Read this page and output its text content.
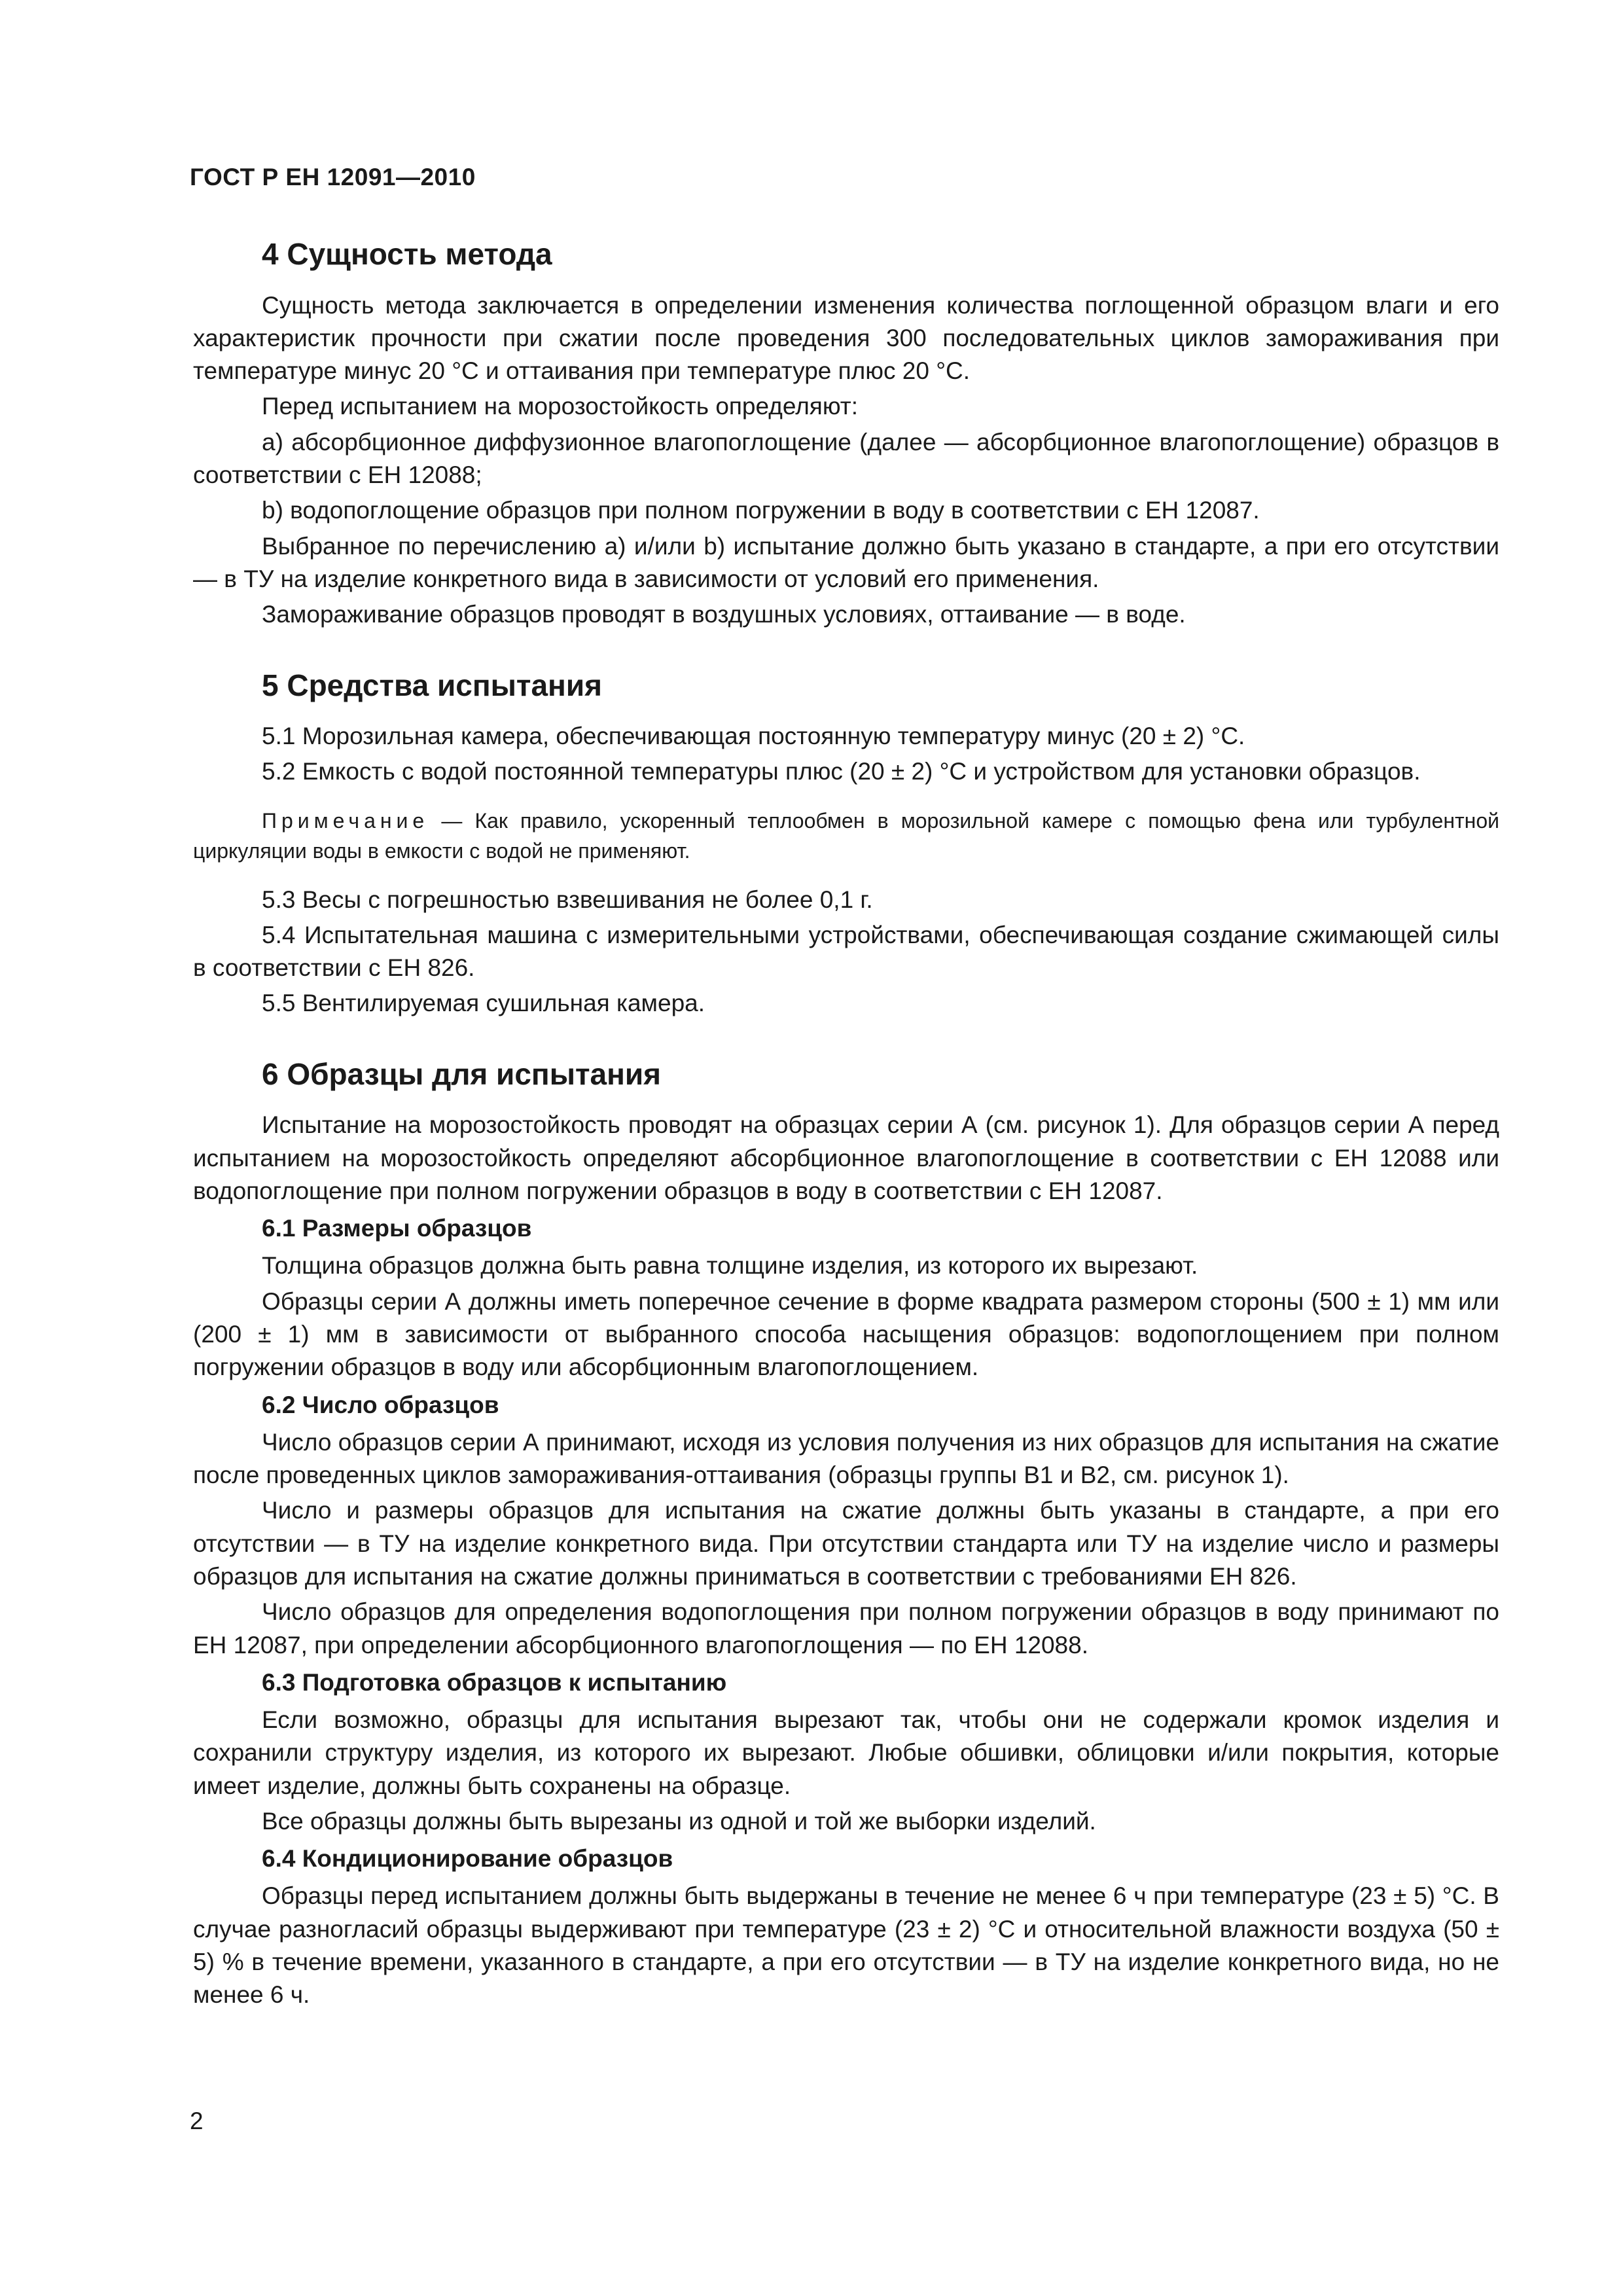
ГОСТ Р ЕН 12091—2010
4 Сущность метода

Сущность метода заключается в определении изменения количества поглощенной образцом влаги и его характеристик прочности при сжатии после проведения 300 последовательных циклов замораживания при температуре минус 20 °С и оттаивания при температуре плюс 20 °С.

Перед испытанием на морозостойкость определяют:

а) абсорбционное диффузионное влагопоглощение (далее — абсорбционное влагопоглощение) образцов в соответствии с ЕН 12088;

b) водопоглощение образцов при полном погружении в воду в соответствии с ЕН 12087.

Выбранное по перечислению а) и/или b) испытание должно быть указано в стандарте, а при его отсутствии — в ТУ на изделие конкретного вида в зависимости от условий его применения.

Замораживание образцов проводят в воздушных условиях, оттаивание — в воде.

5 Средства испытания

5.1 Морозильная камера, обеспечивающая постоянную температуру минус (20 ± 2) °С.

5.2 Емкость с водой постоянной температуры плюс (20 ± 2) °С и устройством для установки образцов.

Примечание — Как правило, ускоренный теплообмен в морозильной камере с помощью фена или турбулентной циркуляции воды в емкости с водой не применяют.

5.3 Весы с погрешностью взвешивания не более 0,1 г.

5.4 Испытательная машина с измерительными устройствами, обеспечивающая создание сжимающей силы в соответствии с ЕН 826.

5.5 Вентилируемая сушильная камера.

6 Образцы для испытания

Испытание на морозостойкость проводят на образцах серии А (см. рисунок 1). Для образцов серии А перед испытанием на морозостойкость определяют абсорбционное влагопоглощение в соответствии с ЕН 12088 или водопоглощение при полном погружении образцов в воду в соответствии с ЕН 12087.

6.1 Размеры образцов

Толщина образцов должна быть равна толщине изделия, из которого их вырезают.

Образцы серии А должны иметь поперечное сечение в форме квадрата размером стороны (500 ± 1) мм или (200 ± 1) мм в зависимости от выбранного способа насыщения образцов: водопоглощением при полном погружении образцов в воду или абсорбционным влагопоглощением.

6.2 Число образцов

Число образцов серии А принимают, исходя из условия получения из них образцов для испытания на сжатие после проведенных циклов замораживания-оттаивания (образцы группы В1 и В2, см. рисунок 1).

Число и размеры образцов для испытания на сжатие должны быть указаны в стандарте, а при его отсутствии — в ТУ на изделие конкретного вида. При отсутствии стандарта или ТУ на изделие число и размеры образцов для испытания на сжатие должны приниматься в соответствии с требованиями ЕН 826.

Число образцов для определения водопоглощения при полном погружении образцов в воду принимают по ЕН 12087, при определении абсорбционного влагопоглощения — по ЕН 12088.

6.3 Подготовка образцов к испытанию

Если возможно, образцы для испытания вырезают так, чтобы они не содержали кромок изделия и сохранили структуру изделия, из которого их вырезают. Любые обшивки, облицовки и/или покрытия, которые имеет изделие, должны быть сохранены на образце.

Все образцы должны быть вырезаны из одной и той же выборки изделий.

6.4 Кондиционирование образцов

Образцы перед испытанием должны быть выдержаны в течение не менее 6 ч при температуре (23 ± 5) °С. В случае разногласий образцы выдерживают при температуре (23 ± 2) °С и относительной влажности воздуха (50 ± 5) % в течение времени, указанного в стандарте, а при его отсутствии — в ТУ на изделие конкретного вида, но не менее 6 ч.

2
